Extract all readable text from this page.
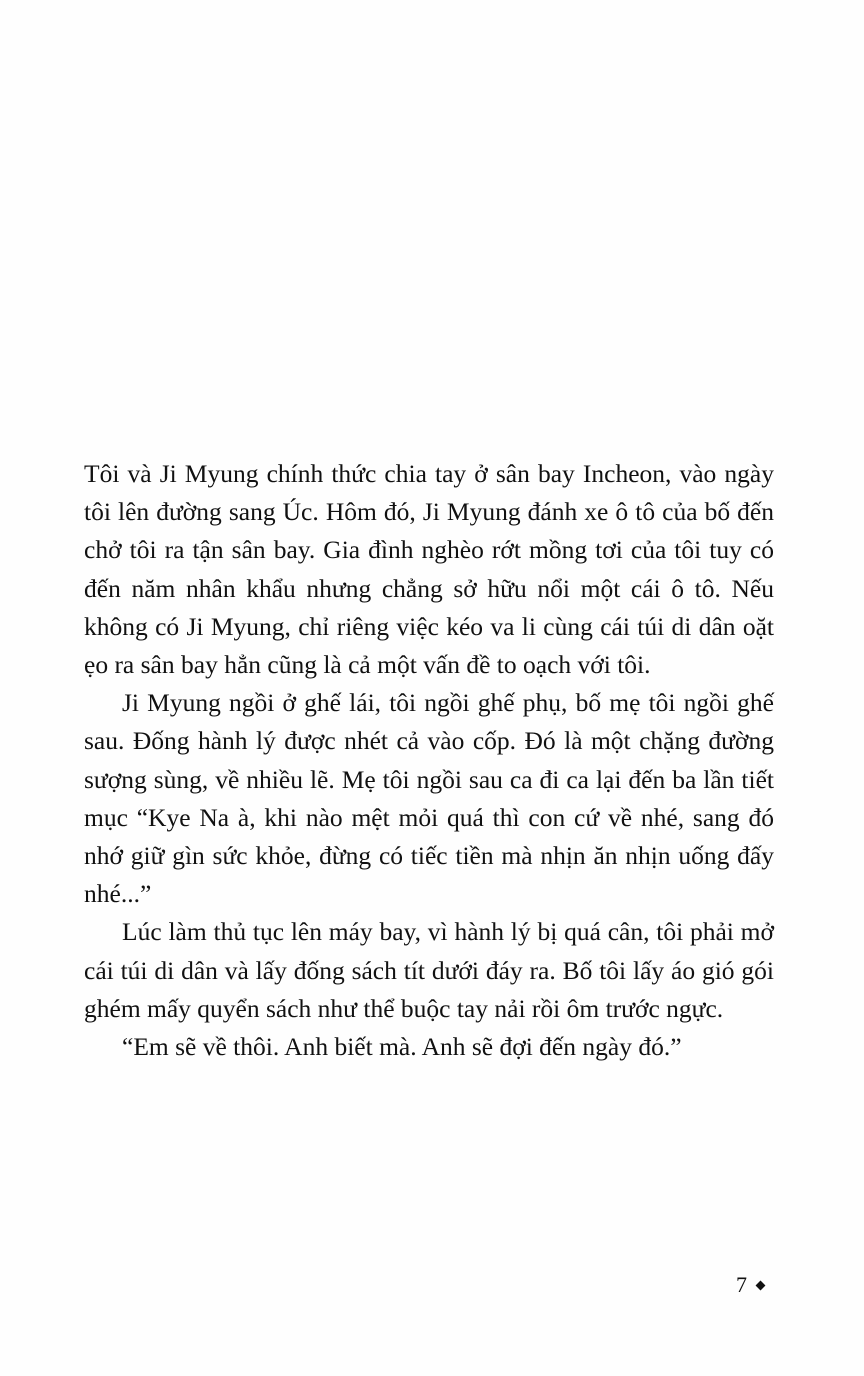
Tôi và Ji Myung chính thức chia tay ở sân bay Incheon, vào ngày tôi lên đường sang Úc. Hôm đó, Ji Myung đánh xe ô tô của bố đến chở tôi ra tận sân bay. Gia đình nghèo rớt mồng tơi của tôi tuy có đến năm nhân khẩu nhưng chẳng sở hữu nổi một cái ô tô. Nếu không có Ji Myung, chỉ riêng việc kéo va li cùng cái túi di dân oặt ẹo ra sân bay hẳn cũng là cả một vấn đề to oạch với tôi.

Ji Myung ngồi ở ghế lái, tôi ngồi ghế phụ, bố mẹ tôi ngồi ghế sau. Đống hành lý được nhét cả vào cốp. Đó là một chặng đường sượng sùng, về nhiều lẽ. Mẹ tôi ngồi sau ca đi ca lại đến ba lần tiết mục “Kye Na à, khi nào mệt mỏi quá thì con cứ về nhé, sang đó nhớ giữ gìn sức khỏe, đừng có tiếc tiền mà nhịn ăn nhịn uống đấy nhé...”

Lúc làm thủ tục lên máy bay, vì hành lý bị quá cân, tôi phải mở cái túi di dân và lấy đống sách tít dưới đáy ra. Bố tôi lấy áo gió gói ghém mấy quyển sách như thể buộc tay nải rồi ôm trước ngực.

“Em sẽ về thôi. Anh biết mà. Anh sẽ đợi đến ngày đó.”

7
